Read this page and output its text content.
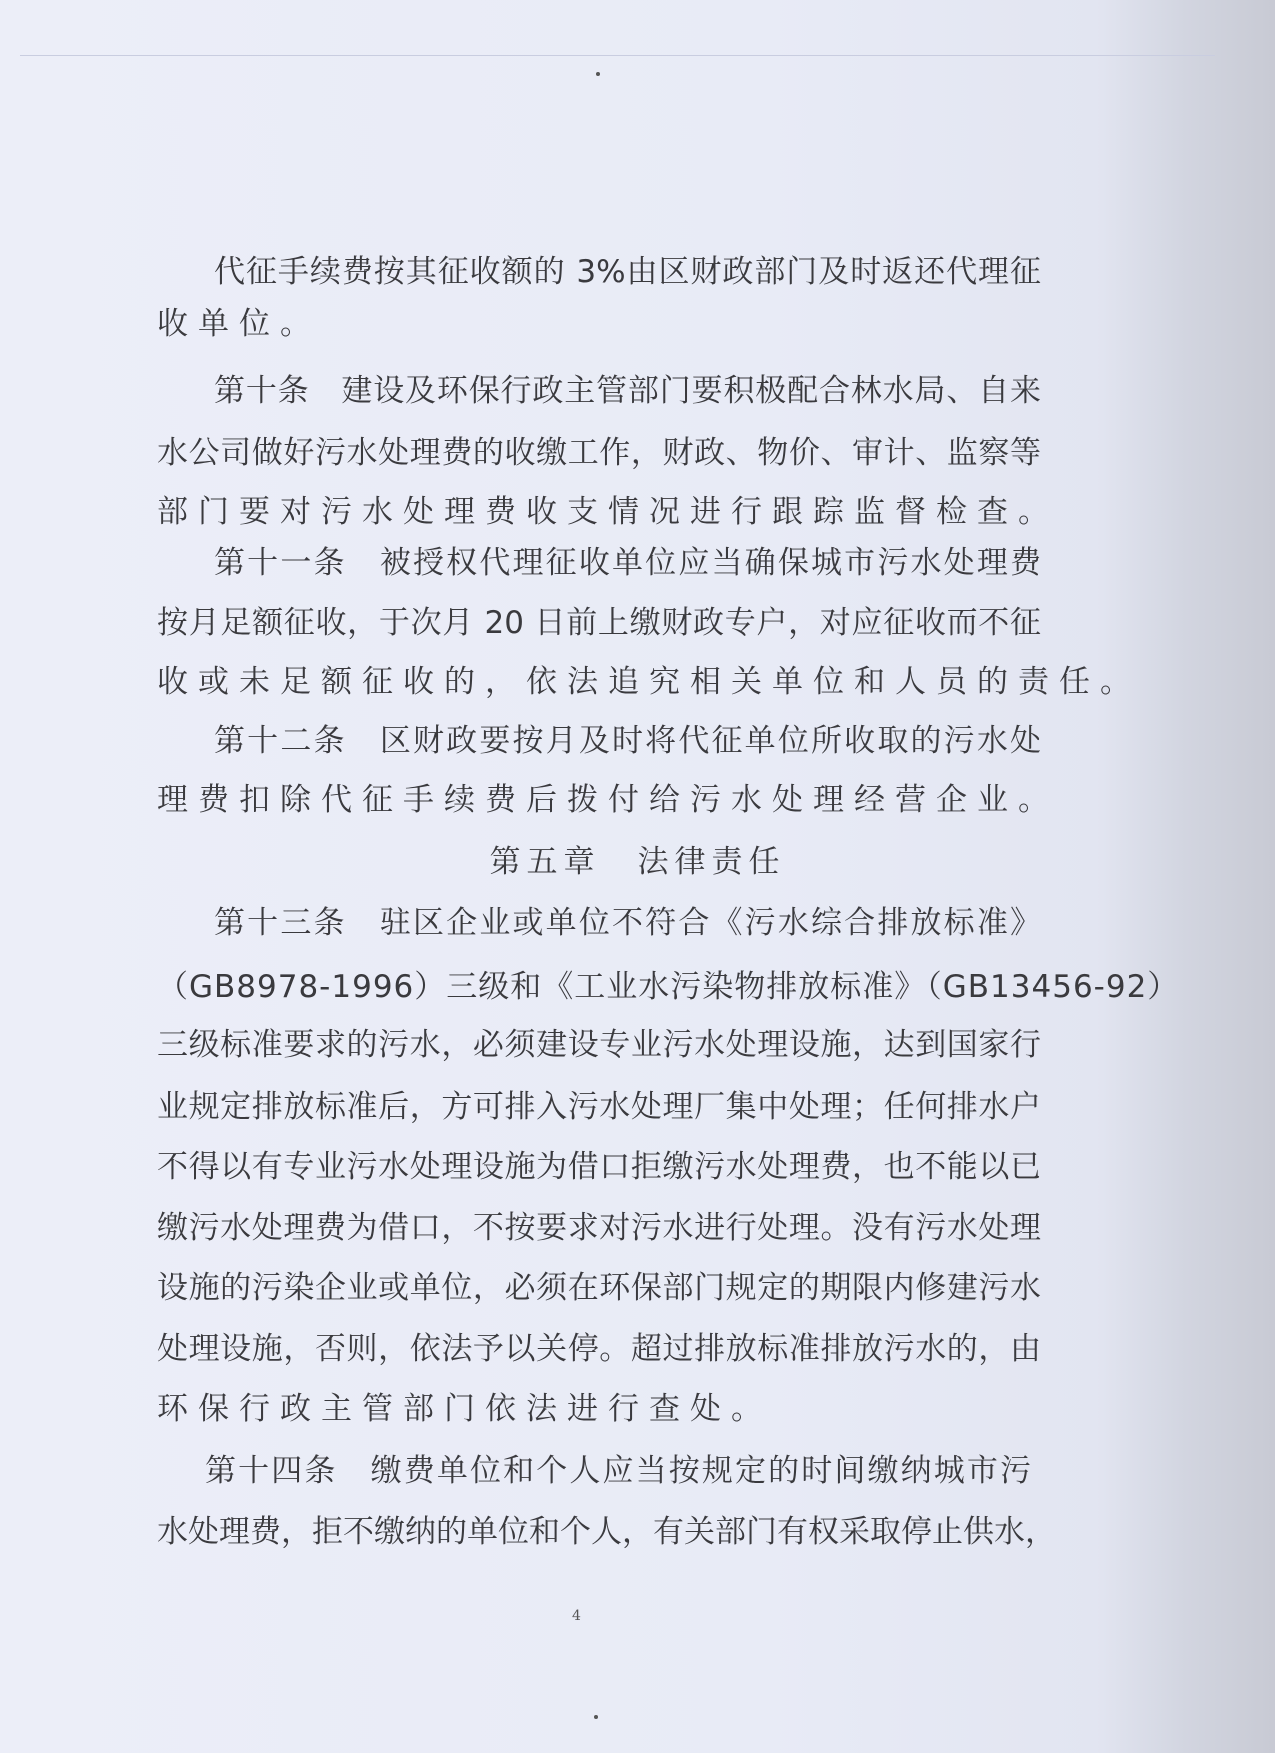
代征手续费按其征收额的 3%由区财政部门及时返还代理征
收单位。
第十条　建设及环保行政主管部门要积极配合林水局、自来
水公司做好污水处理费的收缴工作，财政、物价、审计、监察等
部门要对污水处理费收支情况进行跟踪监督检查。
第十一条　被授权代理征收单位应当确保城市污水处理费
按月足额征收，于次月 20 日前上缴财政专户，对应征收而不征
收或未足额征收的，依法追究相关单位和人员的责任。
第十二条　区财政要按月及时将代征单位所收取的污水处
理费扣除代征手续费后拨付给污水处理经营企业。
第五章　法律责任
第十三条　驻区企业或单位不符合《污水综合排放标准》
（GB8978-1996）三级和《工业水污染物排放标准》（GB13456-92）
三级标准要求的污水，必须建设专业污水处理设施，达到国家行
业规定排放标准后，方可排入污水处理厂集中处理；任何排水户
不得以有专业污水处理设施为借口拒缴污水处理费，也不能以已
缴污水处理费为借口，不按要求对污水进行处理。没有污水处理
设施的污染企业或单位，必须在环保部门规定的期限内修建污水
处理设施，否则，依法予以关停。超过排放标准排放污水的，由
环保行政主管部门依法进行查处。
第十四条　缴费单位和个人应当按规定的时间缴纳城市污
水处理费，拒不缴纳的单位和个人，有关部门有权采取停止供水，
4
